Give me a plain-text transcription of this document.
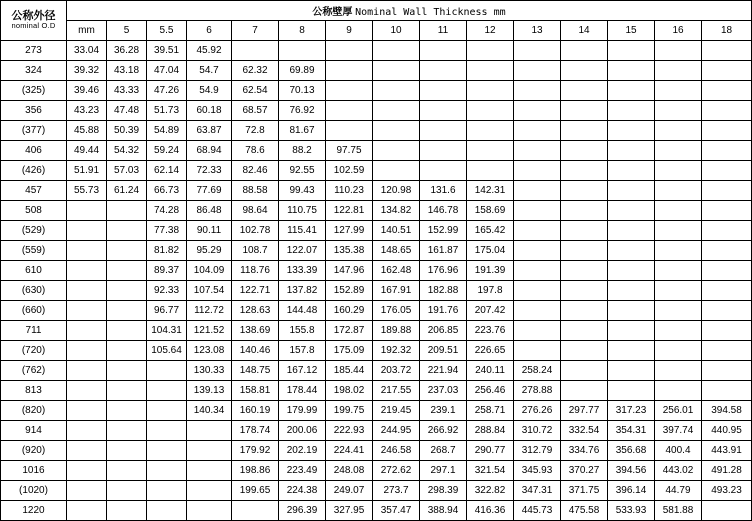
公称外径
nominal O.D	公称壁厚 Nominal Wall Thickness mm															
	mm	5	5.5	6	7	8	9	10	11	12	13	14	15	16	18	
273	33.04	36.28	39.51	45.92												
324	39.32	43.18	47.04	54.7	62.32	69.89										
(325)	39.46	43.33	47.26	54.9	62.54	70.13										
356	43.23	47.48	51.73	60.18	68.57	76.92										
(377)	45.88	50.39	54.89	63.87	72.8	81.67										
406	49.44	54.32	59.24	68.94	78.6	88.2	97.75									
(426)	51.91	57.03	62.14	72.33	82.46	92.55	102.59									
457	55.73	61.24	66.73	77.69	88.58	99.43	110.23	120.98	131.6	142.31						
508			74.28	86.48	98.64	110.75	122.81	134.82	146.78	158.69						
(529)			77.38	90.11	102.78	115.41	127.99	140.51	152.99	165.42						
(559)			81.82	95.29	108.7	122.07	135.38	148.65	161.87	175.04						
610			89.37	104.09	118.76	133.39	147.96	162.48	176.96	191.39						
(630)			92.33	107.54	122.71	137.82	152.89	167.91	182.88	197.8						
(660)			96.77	112.72	128.63	144.48	160.29	176.05	191.76	207.42						
711			104.31	121.52	138.69	155.8	172.87	189.88	206.85	223.76						
(720)			105.64	123.08	140.46	157.8	175.09	192.32	209.51	226.65						
(762)				130.33	148.75	167.12	185.44	203.72	221.94	240.11	258.24					
813				139.13	158.81	178.44	198.02	217.55	237.03	256.46	278.88					
(820)				140.34	160.19	179.99	199.75	219.45	239.1	258.71	276.26	297.77	317.23	256.01	394.58	
914					178.74	200.06	222.93	244.95	266.92	288.84	310.72	332.54	354.31	397.74	440.95	
(920)					179.92	202.19	224.41	246.58	268.7	290.77	312.79	334.76	356.68	400.4	443.91	
1016					198.86	223.49	248.08	272.62	297.1	321.54	345.93	370.27	394.56	443.02	491.28	
(1020)					199.65	224.38	249.07	273.7	298.39	322.82	347.31	371.75	396.14	44.79	493.23	
1220						296.39	327.95	357.47	388.94	416.36	445.73	475.58	533.93	581.88		
